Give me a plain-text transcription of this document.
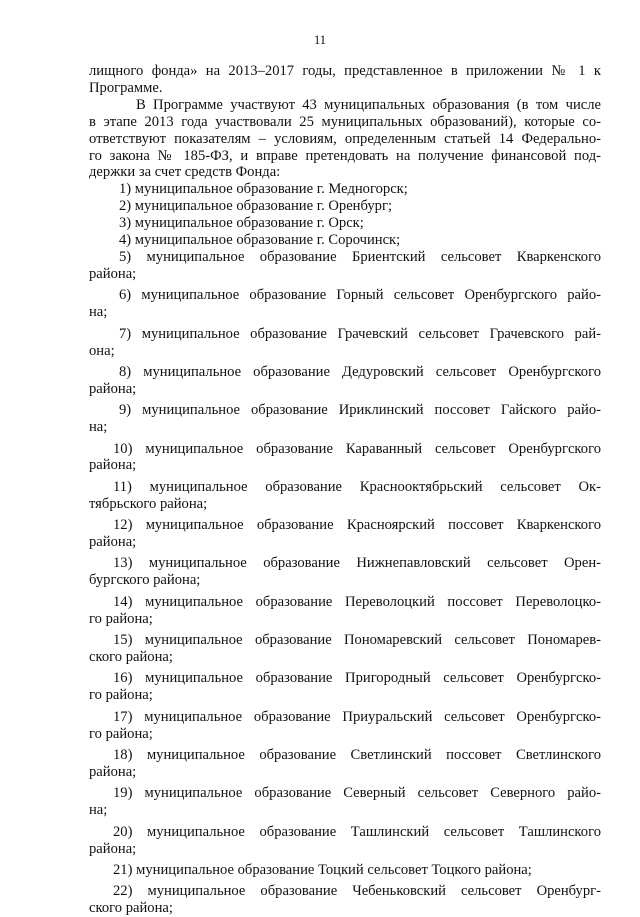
11
лищного фонда» на 2013–2017 годы, представленное в приложении № 1 к
Программе.
В Программе участвуют 43 муниципальных образования (в том числе
в этапе 2013 года участвовали 25 муниципальных образований), которые со-
ответствуют показателям – условиям, определенным статьей 14 Федерально-
го закона № 185-ФЗ, и вправе претендовать на получение финансовой под-
держки за счет средств Фонда:
1) муниципальное образование г. Медногорск;
2) муниципальное образование г. Оренбург;
3) муниципальное образование г. Орск;
4) муниципальное образование г. Сорочинск;
5) муниципальное образование Бриентский сельсовет Кваркенского
района;
6) муниципальное образование Горный сельсовет Оренбургского райо-
на;
7) муниципальное образование Грачевский сельсовет Грачевского рай-
она;
8) муниципальное образование Дедуровский сельсовет Оренбургского
района;
9) муниципальное образование Ириклинский поссовет Гайского райо-
на;
10) муниципальное образование Караванный сельсовет Оренбургского
района;
11) муниципальное образование Краснооктябрьский сельсовет Ок-
тябрьского района;
12) муниципальное образование Красноярский поссовет Кваркенского
района;
13) муниципальное образование Нижнепавловский сельсовет Орен-
бургского района;
14) муниципальное образование Переволоцкий поссовет Переволоцко-
го района;
15) муниципальное образование Пономаревский сельсовет Пономарев-
ского района;
16) муниципальное образование Пригородный сельсовет Оренбургско-
го района;
17) муниципальное образование Приуральский сельсовет Оренбургско-
го района;
18) муниципальное образование Светлинский поссовет Светлинского
района;
19) муниципальное образование Северный сельсовет Северного райо-
на;
20) муниципальное образование Ташлинский сельсовет Ташлинского
района;
21) муниципальное образование Тоцкий сельсовет Тоцкого района;
22) муниципальное образование Чебеньковский сельсовет Оренбург-
ского района;
